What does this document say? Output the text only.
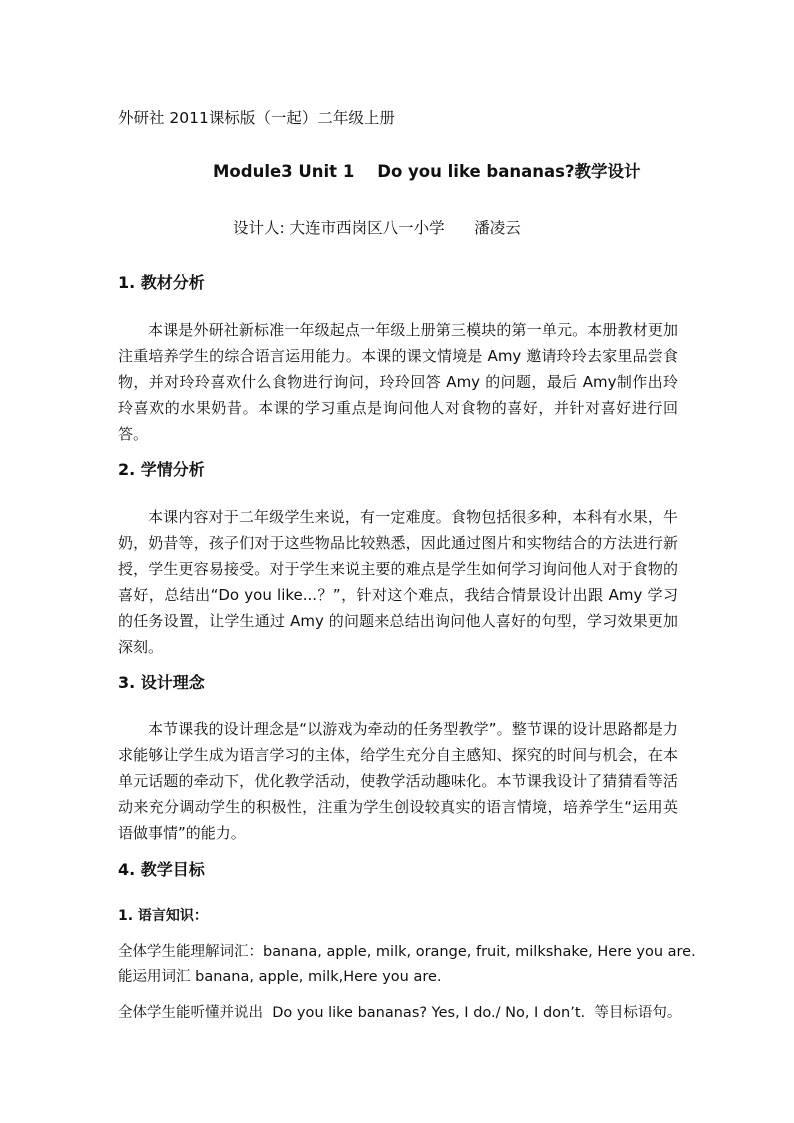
外研社 2011课标版（一起）二年级上册
Module3 Unit 1    Do you like bananas?教学设计
设计人: 大连市西岗区八一小学      潘凌云
1. 教材分析
本课是外研社新标准一年级起点一年级上册第三模块的第一单元。本册教材更加注重培养学生的综合语言运用能力。本课的课文情境是 Amy 邀请玲玲去家里品尝食物，并对玲玲喜欢什么食物进行询问，玲玲回答 Amy 的问题，最后 Amy制作出玲玲喜欢的水果奶昔。本课的学习重点是询问他人对食物的喜好，并针对喜好进行回答。
2. 学情分析
本课内容对于二年级学生来说，有一定难度。食物包括很多种，本科有水果，牛奶，奶昔等，孩子们对于这些物品比较熟悉，因此通过图片和实物结合的方法进行新授，学生更容易接受。对于学生来说主要的难点是学生如何学习询问他人对于食物的喜好，总结出“Do you like...？”，针对这个难点，我结合情景设计出跟 Amy 学习的任务设置，让学生通过 Amy 的问题来总结出询问他人喜好的句型，学习效果更加深刻。
3. 设计理念
本节课我的设计理念是“以游戏为牵动的任务型教学”。整节课的设计思路都是力求能够让学生成为语言学习的主体，给学生充分自主感知、探究的时间与机会，在本单元话题的牵动下，优化教学活动，使教学活动趣味化。本节课我设计了猜猜看等活动来充分调动学生的积极性，注重为学生创设较真实的语言情境，培养学生“运用英语做事情”的能力。
4. 教学目标
1. 语言知识：
全体学生能理解词汇：banana, apple, milk, orange, fruit, milkshake, Here you are.
能运用词汇 banana, apple, milk,Here you are.
全体学生能听懂并说出  Do you like bananas? Yes, I do./ No, I don’t.  等目标语句。
